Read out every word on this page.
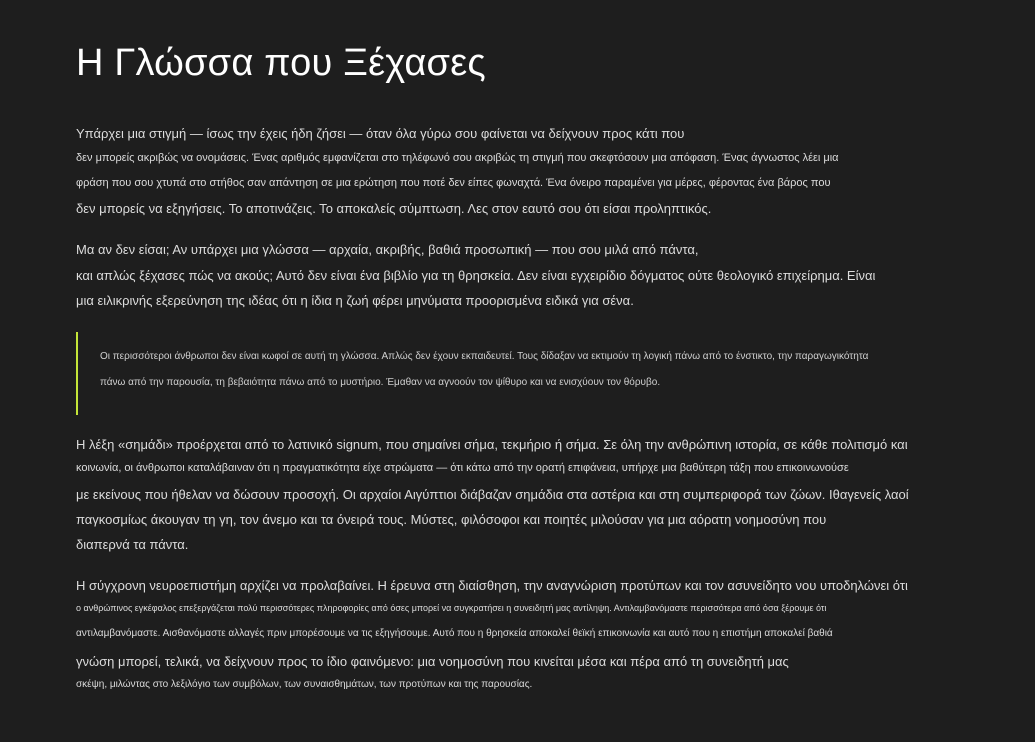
Η Γλώσσα που Ξέχασες
Υπάρχει μια στιγμή — ίσως την έχεις ήδη ζήσει — όταν όλα γύρω σου φαίνεται να δείχνουν προς κάτι που
δεν μπορείς ακριβώς να ονομάσεις. Ένας αριθμός εμφανίζεται στο τηλέφωνό σου ακριβώς τη στιγμή που σκεφτόσουν μια απόφαση. Ένας άγνωστος λέει μια
φράση που σου χτυπά στο στήθος σαν απάντηση σε μια ερώτηση που ποτέ δεν είπες φωναχτά. Ένα όνειρο παραμένει για μέρες, φέροντας ένα βάρος που
δεν μπορείς να εξηγήσεις. Το αποτινάζεις. Το αποκαλείς σύμπτωση. Λες στον εαυτό σου ότι είσαι προληπτικός.
Μα αν δεν είσαι; Αν υπάρχει μια γλώσσα — αρχαία, ακριβής, βαθιά προσωπική — που σου μιλά από πάντα,
και απλώς ξέχασες πώς να ακούς; Αυτό δεν είναι ένα βιβλίο για τη θρησκεία. Δεν είναι εγχειρίδιο δόγματος ούτε θεολογικό επιχείρημα. Είναι
μια ειλικρινής εξερεύνηση της ιδέας ότι η ίδια η ζωή φέρει μηνύματα προορισμένα ειδικά για σένα.
Οι περισσότεροι άνθρωποι δεν είναι κωφοί σε αυτή τη γλώσσα. Απλώς δεν έχουν εκπαιδευτεί. Τους δίδαξαν να εκτιμούν τη λογική πάνω από το ένστικτο, την παραγωγικότητα
πάνω από την παρουσία, τη βεβαιότητα πάνω από το μυστήριο. Έμαθαν να αγνοούν τον ψίθυρο και να ενισχύουν τον θόρυβο.
Η λέξη «σημάδι» προέρχεται από το λατινικό signum, που σημαίνει σήμα, τεκμήριο ή σήμα. Σε όλη την ανθρώπινη ιστορία, σε κάθε πολιτισμό και
κοινωνία, οι άνθρωποι καταλάβαιναν ότι η πραγματικότητα είχε στρώματα — ότι κάτω από την ορατή επιφάνεια, υπήρχε μια βαθύτερη τάξη που επικοινωνούσε
με εκείνους που ήθελαν να δώσουν προσοχή. Οι αρχαίοι Αιγύπτιοι διάβαζαν σημάδια στα αστέρια και στη συμπεριφορά των ζώων. Ιθαγενείς λαοί
παγκοσμίως άκουγαν τη γη, τον άνεμο και τα όνειρά τους. Μύστες, φιλόσοφοι και ποιητές μιλούσαν για μια αόρατη νοημοσύνη που
διαπερνά τα πάντα.
Η σύγχρονη νευροεπιστήμη αρχίζει να προλαβαίνει. Η έρευνα στη διαίσθηση, την αναγνώριση προτύπων και τον ασυνείδητο νου υποδηλώνει ότι
ο ανθρώπινος εγκέφαλος επεξεργάζεται πολύ περισσότερες πληροφορίες από όσες μπορεί να συγκρατήσει η συνειδητή μας αντίληψη. Αντιλαμβανόμαστε περισσότερα από όσα ξέρουμε ότι
αντιλαμβανόμαστε. Αισθανόμαστε αλλαγές πριν μπορέσουμε να τις εξηγήσουμε. Αυτό που η θρησκεία αποκαλεί θεϊκή επικοινωνία και αυτό που η επιστήμη αποκαλεί βαθιά
γνώση μπορεί, τελικά, να δείχνουν προς το ίδιο φαινόμενο: μια νοημοσύνη που κινείται μέσα και πέρα από τη συνειδητή μας
σκέψη, μιλώντας στο λεξιλόγιο των συμβόλων, των συναισθημάτων, των προτύπων και της παρουσίας.
